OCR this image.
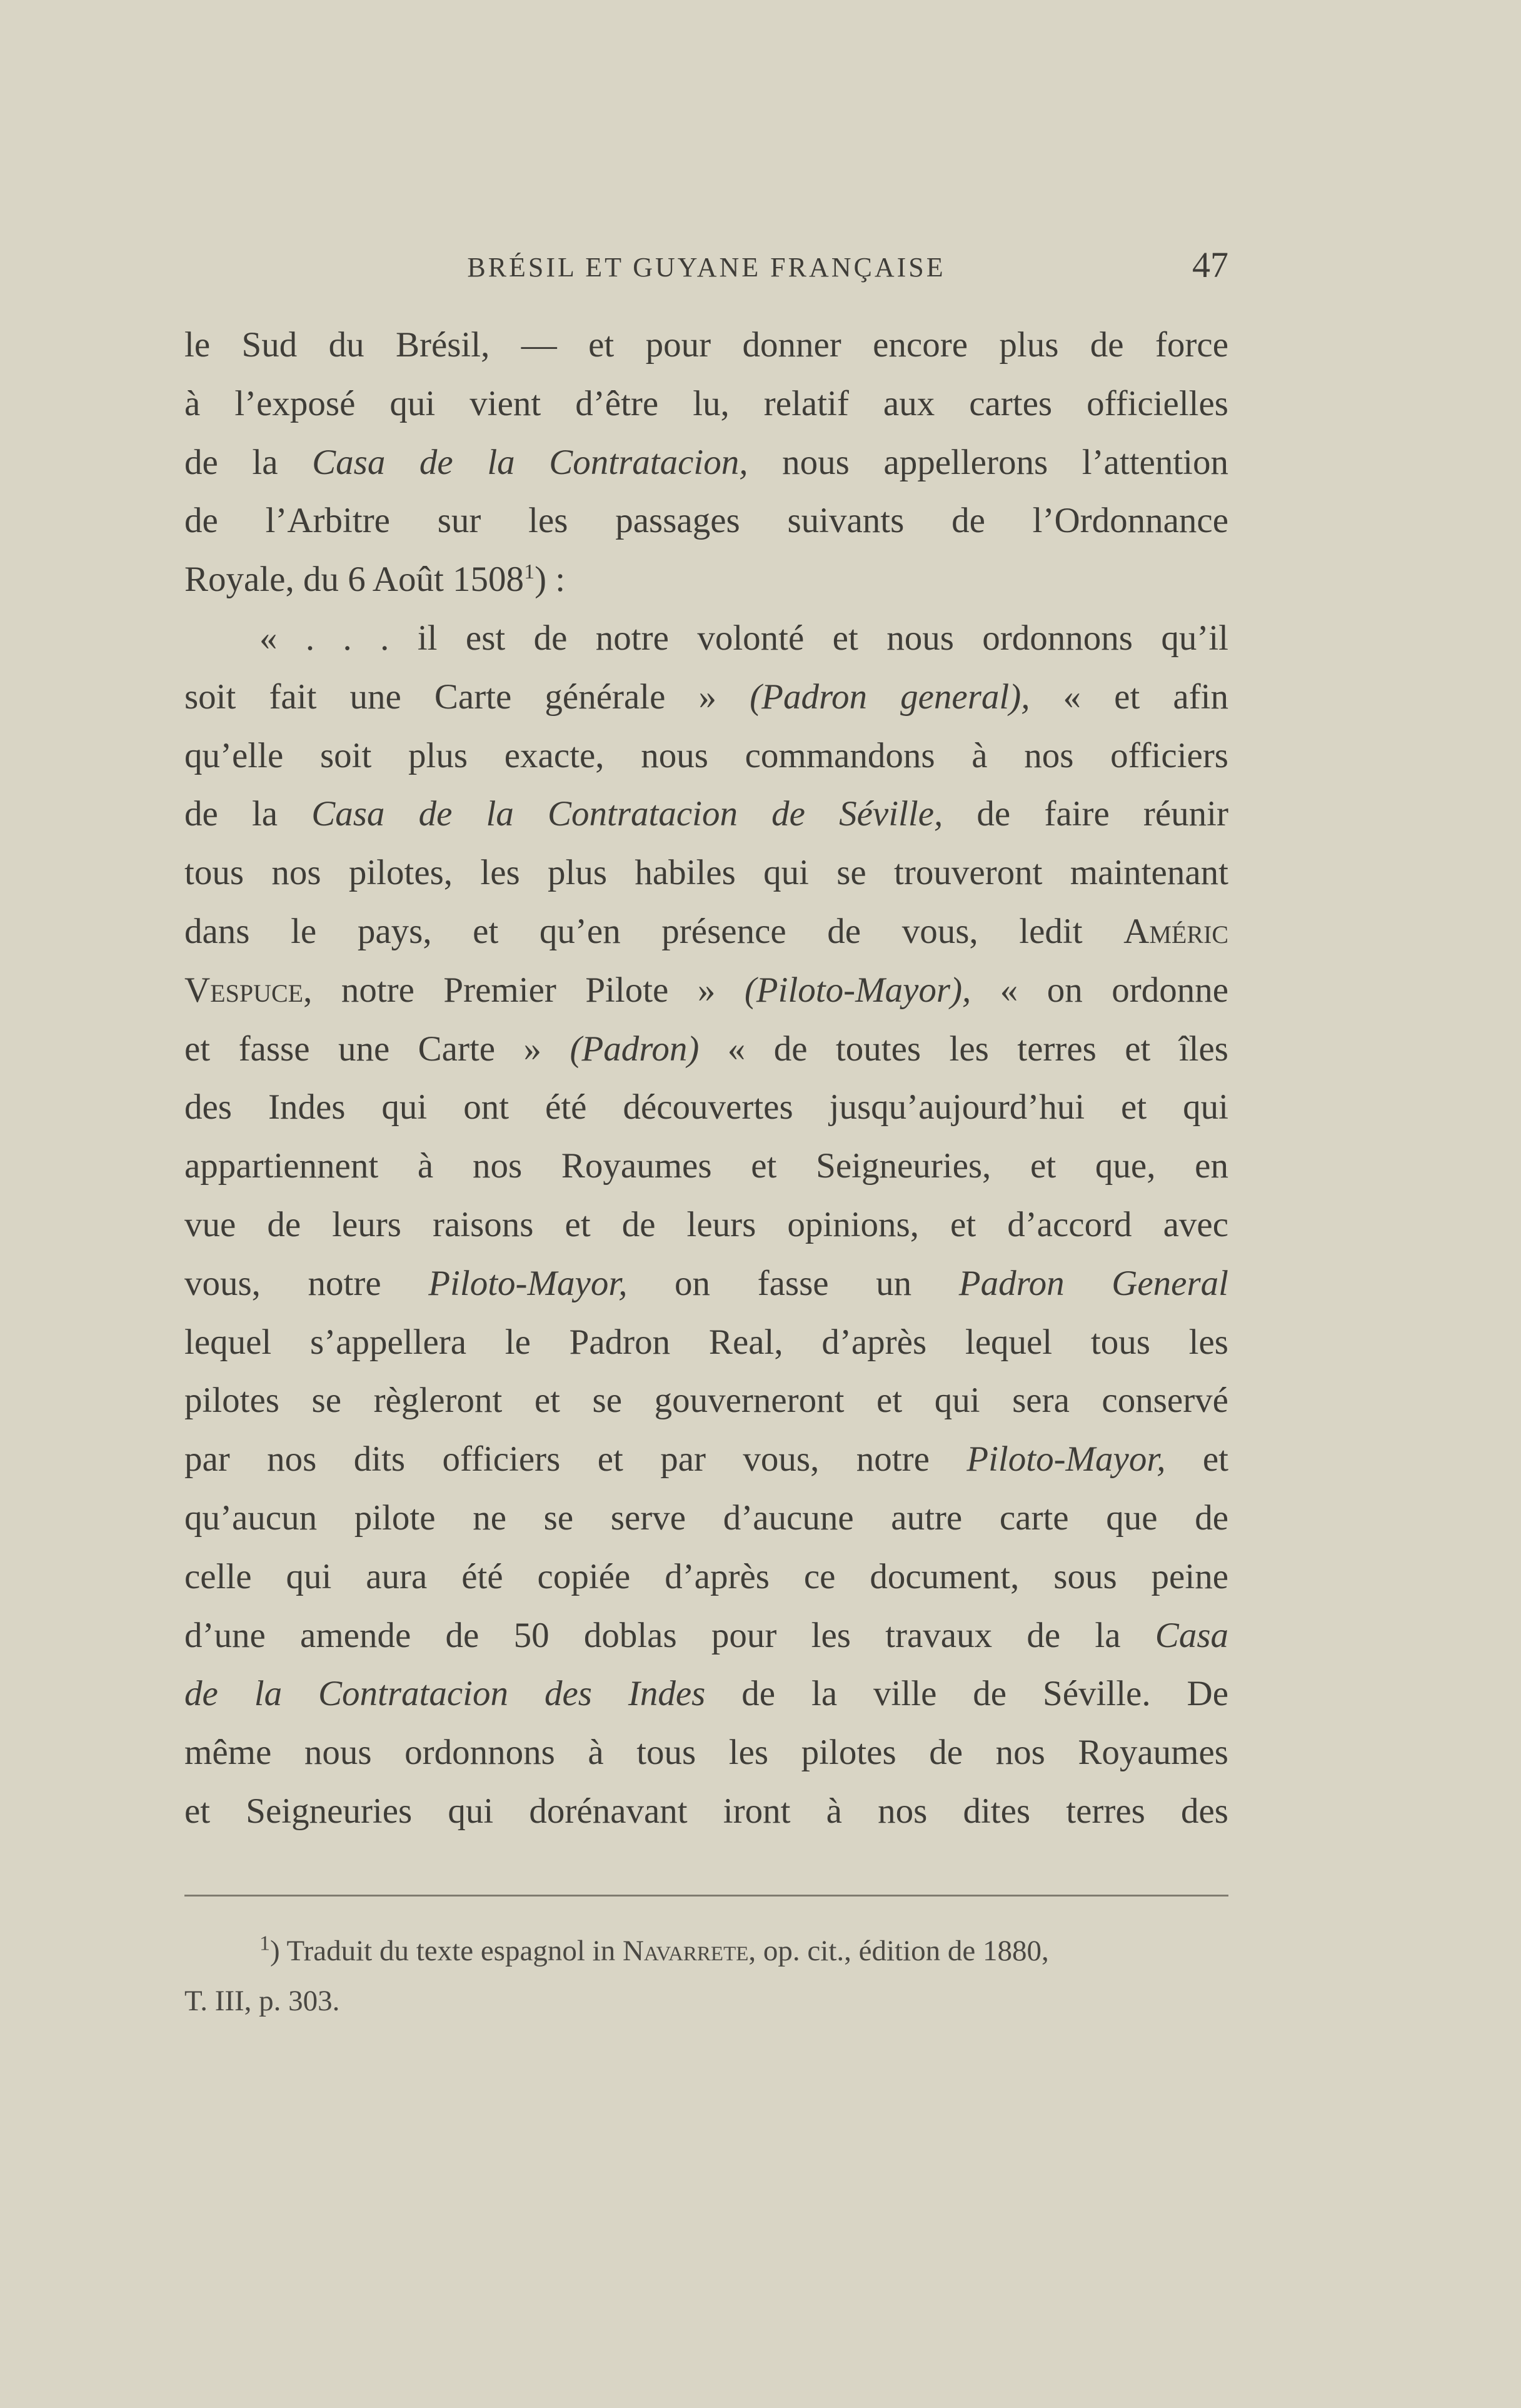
BRÉSIL ET GUYANE FRANÇAISE	47
le Sud du Brésil, — et pour donner encore plus de force
à l’exposé qui vient d’être lu, relatif aux cartes officielles
de la Casa de la Contratacion, nous appellerons l’attention
de l’Arbitre sur les passages suivants de l’Ordonnance
Royale, du 6 Août 1508$^1$) :
« . . . il est de notre volonté et nous ordonnons qu’il
soit fait une Carte générale » (Padron general), « et afin
qu’elle soit plus exacte, nous commandons à nos officiers
de la Casa de la Contratacion de Séville, de faire réunir
tous nos pilotes, les plus habiles qui se trouveront maintenant
dans le pays, et qu’en présence de vous, ledit Améric
Vespuce, notre Premier Pilote » (Piloto-Mayor), « on ordonne
et fasse une Carte » (Padron) « de toutes les terres et îles
des Indes qui ont été découvertes jusqu’aujourd’hui et qui
appartiennent à nos Royaumes et Seigneuries, et que, en
vue de leurs raisons et de leurs opinions, et d’accord avec
vous, notre Piloto-Mayor, on fasse un Padron General
lequel s’appellera le Padron Real, d’après lequel tous les
pilotes se règleront et se gouverneront et qui sera conservé
par nos dits officiers et par vous, notre Piloto-Mayor, et
qu’aucun pilote ne se serve d’aucune autre carte que de
celle qui aura été copiée d’après ce document, sous peine
d’une amende de 50 doblas pour les travaux de la Casa
de la Contratacion des Indes de la ville de Séville. De
même nous ordonnons à tous les pilotes de nos Royaumes
et Seigneuries qui dorénavant iront à nos dites terres des
$^1$) Traduit du texte espagnol in Navarrete, op. cit., édition de 1880,
T. III, p. 303.
